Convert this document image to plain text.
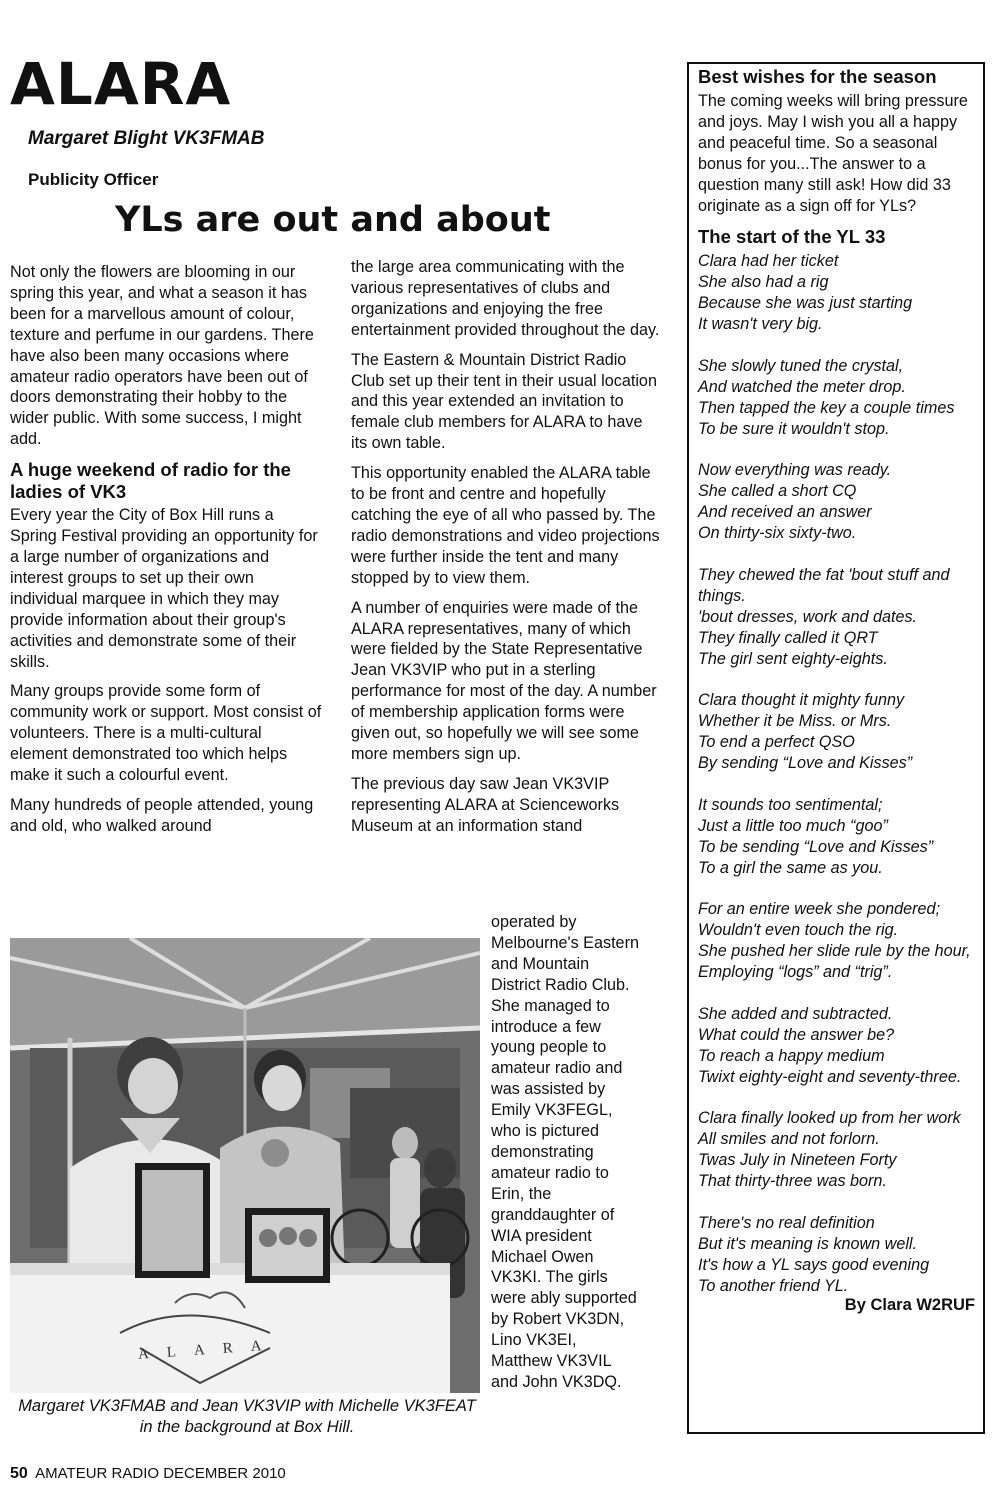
ALARA
Margaret Blight VK3FMAB
Publicity Officer
YLs are out and about

Not only the flowers are blooming in our spring this year, and what a season it has been for a marvellous amount of colour, texture and perfume in our gardens. There have also been many occasions where amateur radio operators have been out of doors demonstrating their hobby to the wider public. With some success, I might add.

A huge weekend of radio for the ladies of VK3

Every year the City of Box Hill runs a Spring Festival providing an opportunity for a large number of organizations and interest groups to set up their own individual marquee in which they may provide information about their group's activities and demonstrate some of their skills.

Many groups provide some form of community work or support. Most consist of volunteers. There is a multi-cultural element demonstrated too which helps make it such a colourful event.

Many hundreds of people attended, young and old, who walked around

the large area communicating with the various representatives of clubs and organizations and enjoying the free entertainment provided throughout the day.

The Eastern & Mountain District Radio Club set up their tent in their usual location and this year extended an invitation to female club members for ALARA to have its own table.

This opportunity enabled the ALARA table to be front and centre and hopefully catching the eye of all who passed by. The radio demonstrations and video projections were further inside the tent and many stopped by to view them.

A number of enquiries were made of the ALARA representatives, many of which were fielded by the State Representative Jean VK3VIP who put in a sterling performance for most of the day. A number of membership application forms were given out, so hopefully we will see some more members sign up.

The previous day saw Jean VK3VIP representing ALARA at Scienceworks Museum at an information stand

operated by Melbourne's Eastern and Mountain District Radio Club. She managed to introduce a few young people to amateur radio and was assisted by Emily VK3FEGL, who is pictured demonstrating amateur radio to Erin, the granddaughter of WIA president Michael Owen VK3KI. The girls were ably supported by Robert VK3DN, Lino VK3EI, Matthew VK3VIL and John VK3DQ.
ALARA
Margaret VK3FMAB and Jean VK3VIP with Michelle VK3FEAT in the background at Box Hill.
Best wishes for the season

The coming weeks will bring pressure and joys. May I wish you all a happy and peaceful time. So a seasonal bonus for you...The answer to a question many still ask! How did 33 originate as a sign off for YLs?

The start of the YL 33
Clara had her ticket
She also had a rig
Because she was just starting
It wasn't very big.
She slowly tuned the crystal,
And watched the meter drop.
Then tapped the key a couple times
To be sure it wouldn't stop.
Now everything was ready.
She called a short CQ
And received an answer
On thirty-six sixty-two.
They chewed the fat 'bout stuff and things.
'bout dresses, work and dates.
They finally called it QRT
The girl sent eighty-eights.
Clara thought it mighty funny
Whether it be Miss. or Mrs.
To end a perfect QSO
By sending “Love and Kisses”
It sounds too sentimental;
Just a little too much “goo”
To be sending “Love and Kisses”
To a girl the same as you.
For an entire week she pondered;
Wouldn't even touch the rig.
She pushed her slide rule by the hour,
Employing “logs” and “trig”.
She added and subtracted.
What could the answer be?
To reach a happy medium
Twixt eighty-eight and seventy-three.
Clara finally looked up from her work
All smiles and not forlorn.
Twas July in Nineteen Forty
That thirty-three was born.
There's no real definition
But it's meaning is known well.
It's how a YL says good evening
To another friend YL.
By Clara W2RUF
50 AMATEUR RADIO DECEMBER 2010
